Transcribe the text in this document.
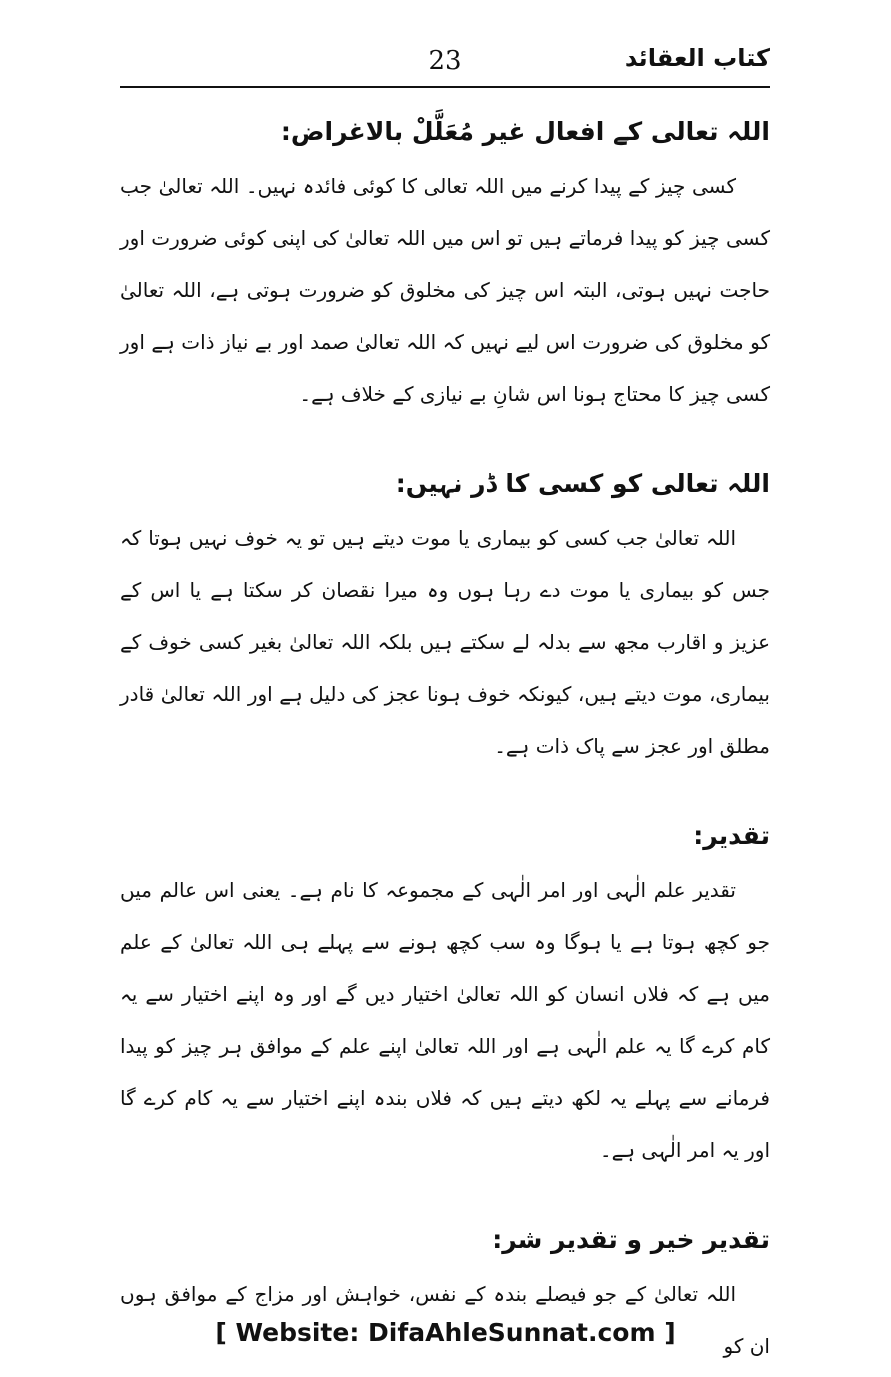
23	کتاب العقائد
اللہ تعالی کے افعال غیر مُعَلَّلْ بالاغراض:

کسی چیز کے پیدا کرنے میں اللہ تعالی کا کوئی فائدہ نہیں۔ اللہ تعالیٰ جب کسی چیز کو پیدا فرماتے ہیں تو اس میں اللہ تعالیٰ کی اپنی کوئی ضرورت اور حاجت نہیں ہوتی، البتہ اس چیز کی مخلوق کو ضرورت ہوتی ہے، اللہ تعالیٰ کو مخلوق کی ضرورت اس لیے نہیں کہ اللہ تعالیٰ صمد اور بے نیاز ذات ہے اور کسی چیز کا محتاج ہونا اس شانِ بے نیازی کے خلاف ہے۔

اللہ تعالی کو کسی کا ڈر نہیں:

اللہ تعالیٰ جب کسی کو بیماری یا موت دیتے ہیں تو یہ خوف نہیں ہوتا کہ جس کو بیماری یا موت دے رہا ہوں وہ میرا نقصان کر سکتا ہے یا اس کے عزیز و اقارب مجھ سے بدلہ لے سکتے ہیں بلکہ اللہ تعالیٰ بغیر کسی خوف کے بیماری، موت دیتے ہیں، کیونکہ خوف ہونا عجز کی دلیل ہے اور اللہ تعالیٰ قادر مطلق اور عجز سے پاک ذات ہے۔

تقدیر:

تقدیر علم الٰہی اور امر الٰہی کے مجموعہ کا نام ہے۔ یعنی اس عالم میں جو کچھ ہوتا ہے یا ہوگا وہ سب کچھ ہونے سے پہلے ہی اللہ تعالیٰ کے علم میں ہے کہ فلاں انسان کو اللہ تعالیٰ اختیار دیں گے اور وہ اپنے اختیار سے یہ کام کرے گا یہ علم الٰہی ہے اور اللہ تعالیٰ اپنے علم کے موافق ہر چیز کو پیدا فرمانے سے پہلے یہ لکھ دیتے ہیں کہ فلاں بندہ اپنے اختیار سے یہ کام کرے گا اور یہ امر الٰہی ہے۔

تقدیر خیر و تقدیر شر:

اللہ تعالیٰ کے جو فیصلے بندہ کے نفس، خواہش اور مزاج کے موافق ہوں ان کو

[ Website: DifaAhleSunnat.com ]
